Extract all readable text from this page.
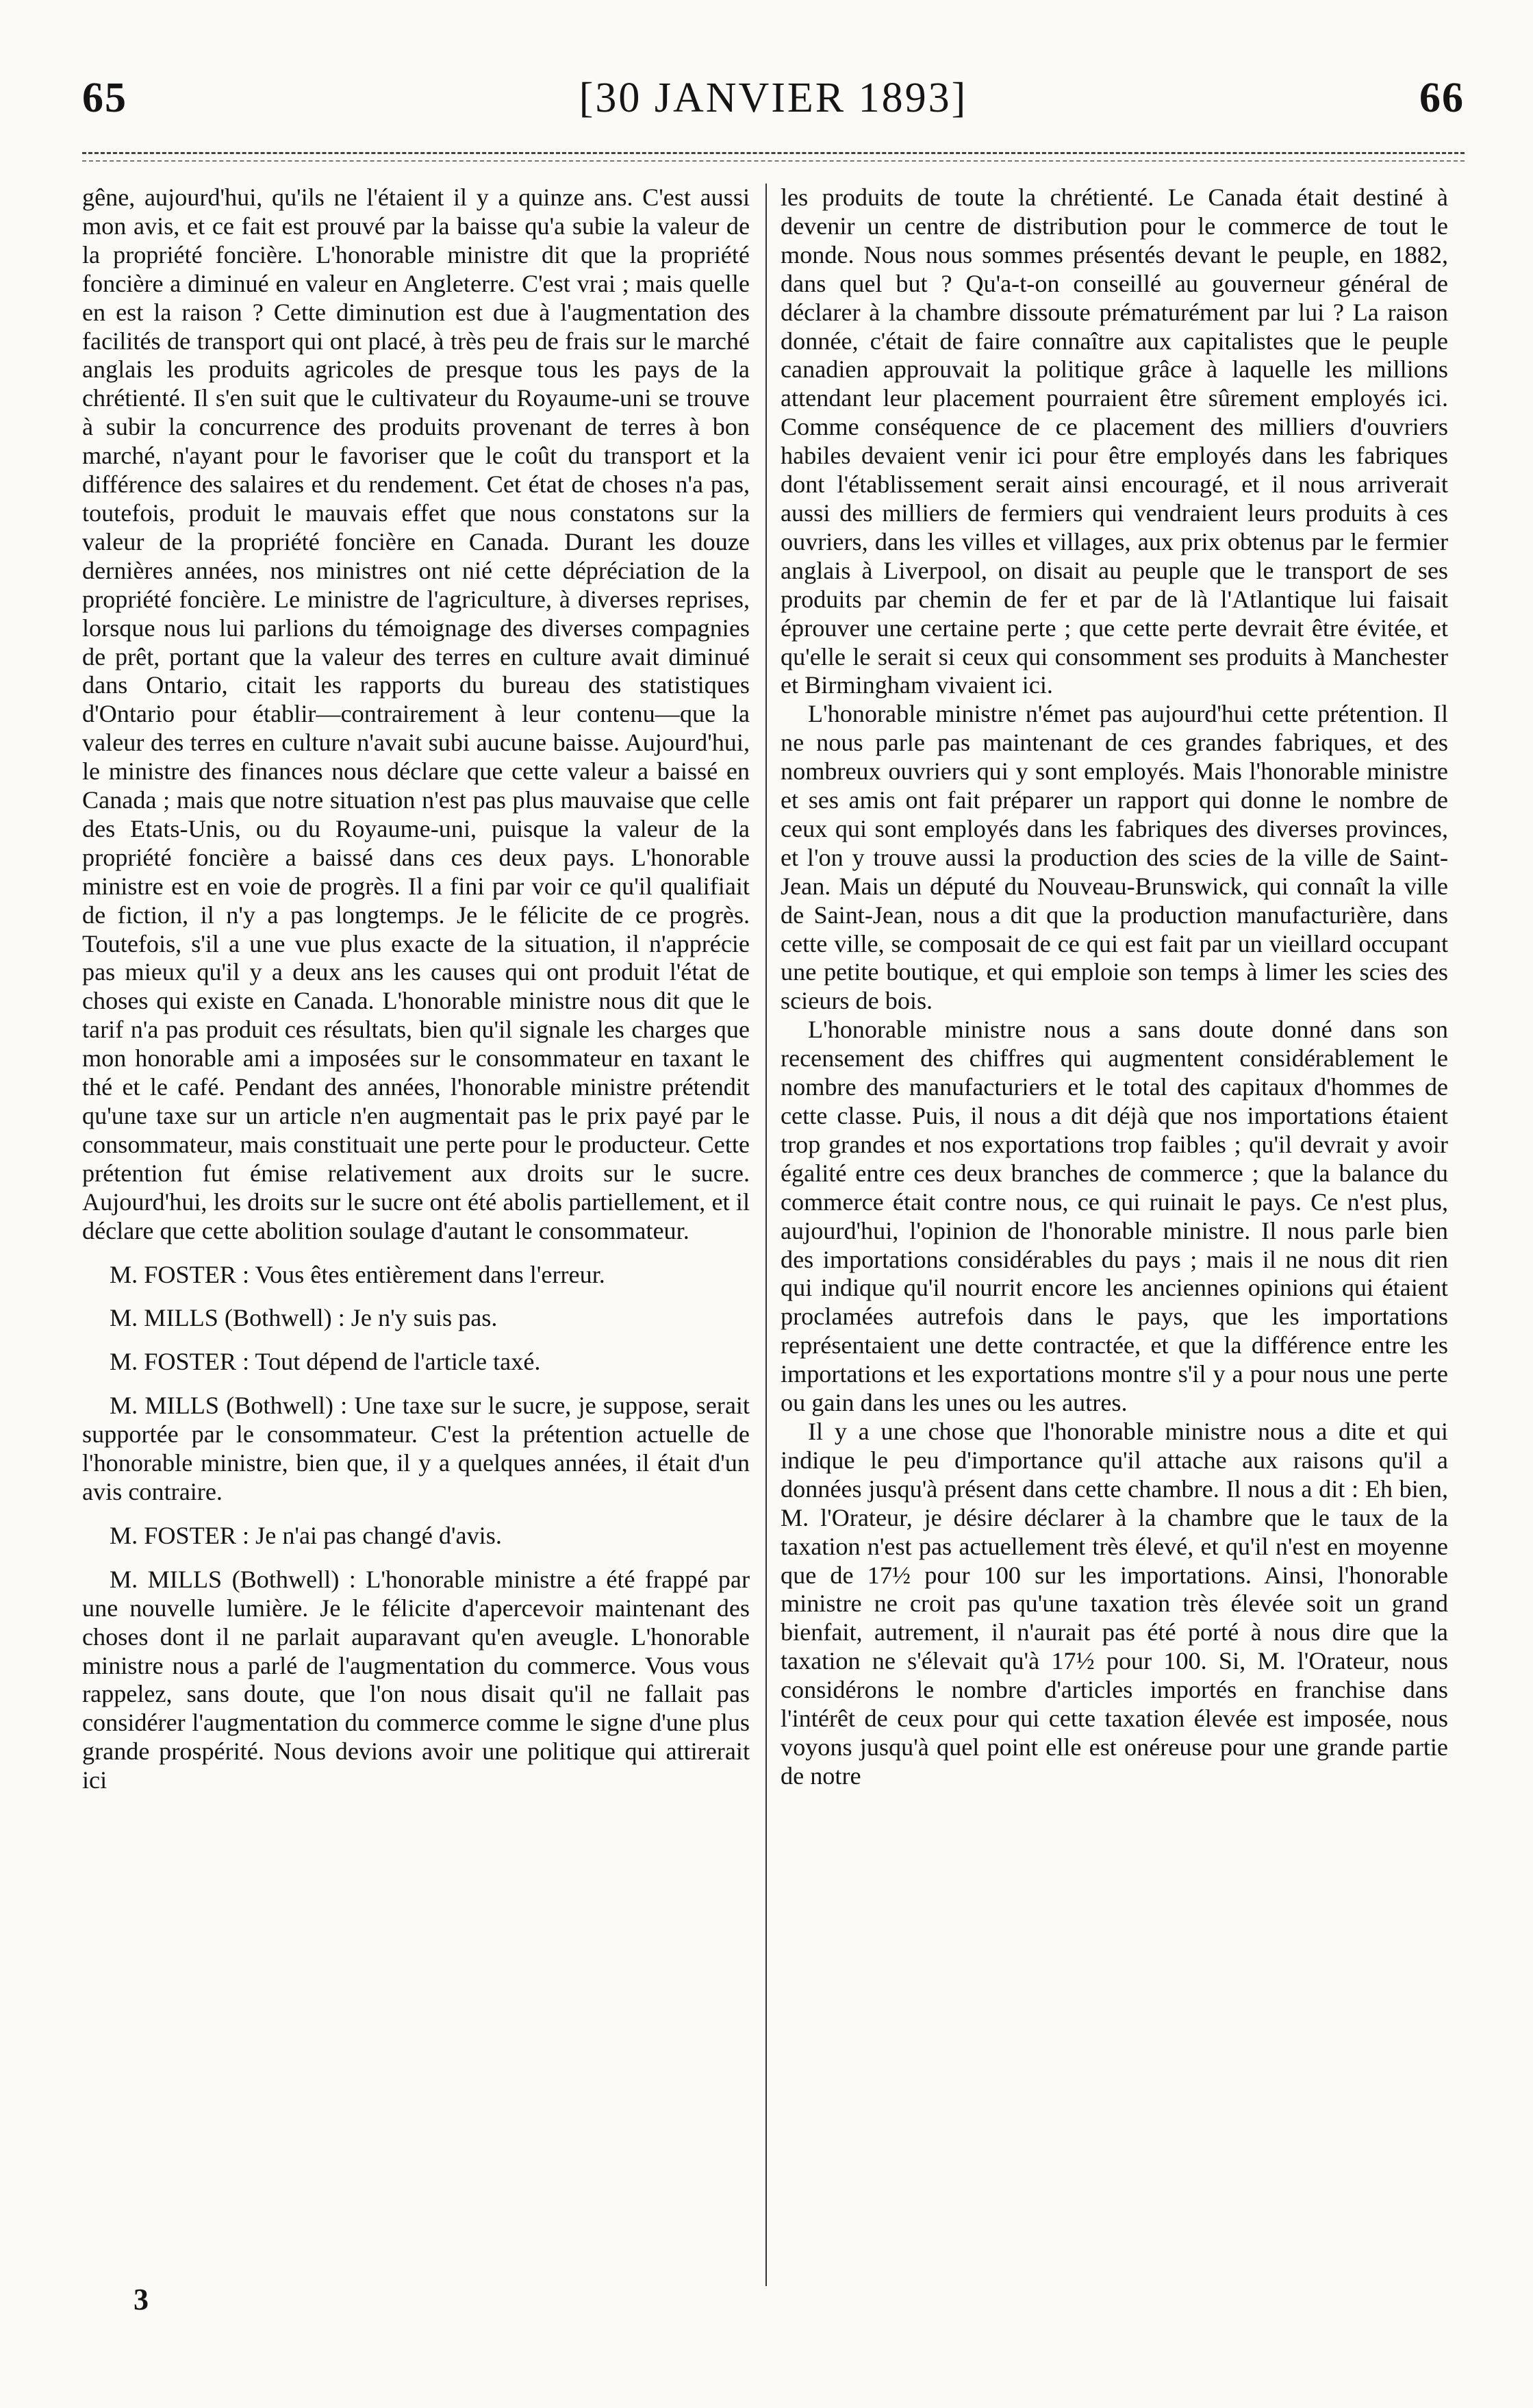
65	[30 JANVIER 1893]	66

gêne, aujourd'hui, qu'ils ne l'étaient il y a quinze ans. C'est aussi mon avis, et ce fait est prouvé par la baisse qu'a subie la valeur de la propriété foncière. L'honorable ministre dit que la propriété foncière a diminué en valeur en Angleterre. C'est vrai ; mais quelle en est la raison ? Cette diminution est due à l'augmentation des facilités de transport qui ont placé, à très peu de frais sur le marché anglais les produits agricoles de presque tous les pays de la chrétienté. Il s'en suit que le cultivateur du Royaume-uni se trouve à subir la concurrence des produits provenant de terres à bon marché, n'ayant pour le favoriser que le coût du transport et la différence des salaires et du rendement. Cet état de choses n'a pas, toutefois, produit le mauvais effet que nous constatons sur la valeur de la propriété foncière en Canada. Durant les douze dernières années, nos ministres ont nié cette dépréciation de la propriété foncière. Le ministre de l'agriculture, à diverses reprises, lorsque nous lui parlions du témoignage des diverses compagnies de prêt, portant que la valeur des terres en culture avait diminué dans Ontario, citait les rapports du bureau des statistiques d'Ontario pour établir—contrairement à leur contenu—que la valeur des terres en culture n'avait subi aucune baisse. Aujourd'hui, le ministre des finances nous déclare que cette valeur a baissé en Canada ; mais que notre situation n'est pas plus mauvaise que celle des Etats-Unis, ou du Royaume-uni, puisque la valeur de la propriété foncière a baissé dans ces deux pays. L'honorable ministre est en voie de progrès. Il a fini par voir ce qu'il qualifiait de fiction, il n'y a pas longtemps. Je le félicite de ce progrès. Toutefois, s'il a une vue plus exacte de la situation, il n'apprécie pas mieux qu'il y a deux ans les causes qui ont produit l'état de choses qui existe en Canada. L'honorable ministre nous dit que le tarif n'a pas produit ces résultats, bien qu'il signale les charges que mon honorable ami a imposées sur le consommateur en taxant le thé et le café. Pendant des années, l'honorable ministre prétendit qu'une taxe sur un article n'en augmentait pas le prix payé par le consommateur, mais constituait une perte pour le producteur. Cette prétention fut émise relativement aux droits sur le sucre. Aujourd'hui, les droits sur le sucre ont été abolis partiellement, et il déclare que cette abolition soulage d'autant le consommateur.

M. FOSTER : Vous êtes entièrement dans l'erreur.

M. MILLS (Bothwell) : Je n'y suis pas.

M. FOSTER : Tout dépend de l'article taxé.

M. MILLS (Bothwell) : Une taxe sur le sucre, je suppose, serait supportée par le consommateur. C'est la prétention actuelle de l'honorable ministre, bien que, il y a quelques années, il était d'un avis contraire.

M. FOSTER : Je n'ai pas changé d'avis.

M. MILLS (Bothwell) : L'honorable ministre a été frappé par une nouvelle lumière. Je le félicite d'apercevoir maintenant des choses dont il ne parlait auparavant qu'en aveugle. L'honorable ministre nous a parlé de l'augmentation du commerce. Vous vous rappelez, sans doute, que l'on nous disait qu'il ne fallait pas considérer l'augmentation du commerce comme le signe d'une plus grande prospérité. Nous devions avoir une politique qui attirerait ici

les produits de toute la chrétienté. Le Canada était destiné à devenir un centre de distribution pour le commerce de tout le monde. Nous nous sommes présentés devant le peuple, en 1882, dans quel but ? Qu'a-t-on conseillé au gouverneur général de déclarer à la chambre dissoute prématurément par lui ? La raison donnée, c'était de faire connaître aux capitalistes que le peuple canadien approuvait la politique grâce à laquelle les millions attendant leur placement pourraient être sûrement employés ici. Comme conséquence de ce placement des milliers d'ouvriers habiles devaient venir ici pour être employés dans les fabriques dont l'établissement serait ainsi encouragé, et il nous arriverait aussi des milliers de fermiers qui vendraient leurs produits à ces ouvriers, dans les villes et villages, aux prix obtenus par le fermier anglais à Liverpool, on disait au peuple que le transport de ses produits par chemin de fer et par de là l'Atlantique lui faisait éprouver une certaine perte ; que cette perte devrait être évitée, et qu'elle le serait si ceux qui consomment ses produits à Manchester et Birmingham vivaient ici.

L'honorable ministre n'émet pas aujourd'hui cette prétention. Il ne nous parle pas maintenant de ces grandes fabriques, et des nombreux ouvriers qui y sont employés. Mais l'honorable ministre et ses amis ont fait préparer un rapport qui donne le nombre de ceux qui sont employés dans les fabriques des diverses provinces, et l'on y trouve aussi la production des scies de la ville de Saint-Jean. Mais un député du Nouveau-Brunswick, qui connaît la ville de Saint-Jean, nous a dit que la production manufacturière, dans cette ville, se composait de ce qui est fait par un vieillard occupant une petite boutique, et qui emploie son temps à limer les scies des scieurs de bois.

L'honorable ministre nous a sans doute donné dans son recensement des chiffres qui augmentent considérablement le nombre des manufacturiers et le total des capitaux d'hommes de cette classe. Puis, il nous a dit déjà que nos importations étaient trop grandes et nos exportations trop faibles ; qu'il devrait y avoir égalité entre ces deux branches de commerce ; que la balance du commerce était contre nous, ce qui ruinait le pays. Ce n'est plus, aujourd'hui, l'opinion de l'honorable ministre. Il nous parle bien des importations considérables du pays ; mais il ne nous dit rien qui indique qu'il nourrit encore les anciennes opinions qui étaient proclamées autrefois dans le pays, que les importations représentaient une dette contractée, et que la différence entre les importations et les exportations montre s'il y a pour nous une perte ou gain dans les unes ou les autres.

Il y a une chose que l'honorable ministre nous a dite et qui indique le peu d'importance qu'il attache aux raisons qu'il a données jusqu'à présent dans cette chambre. Il nous a dit : Eh bien, M. l'Orateur, je désire déclarer à la chambre que le taux de la taxation n'est pas actuellement très élevé, et qu'il n'est en moyenne que de 17½ pour 100 sur les importations. Ainsi, l'honorable ministre ne croit pas qu'une taxation très élevée soit un grand bienfait, autrement, il n'aurait pas été porté à nous dire que la taxation ne s'élevait qu'à 17½ pour 100. Si, M. l'Orateur, nous considérons le nombre d'articles importés en franchise dans l'intérêt de ceux pour qui cette taxation élevée est imposée, nous voyons jusqu'à quel point elle est onéreuse pour une grande partie de notre

3
